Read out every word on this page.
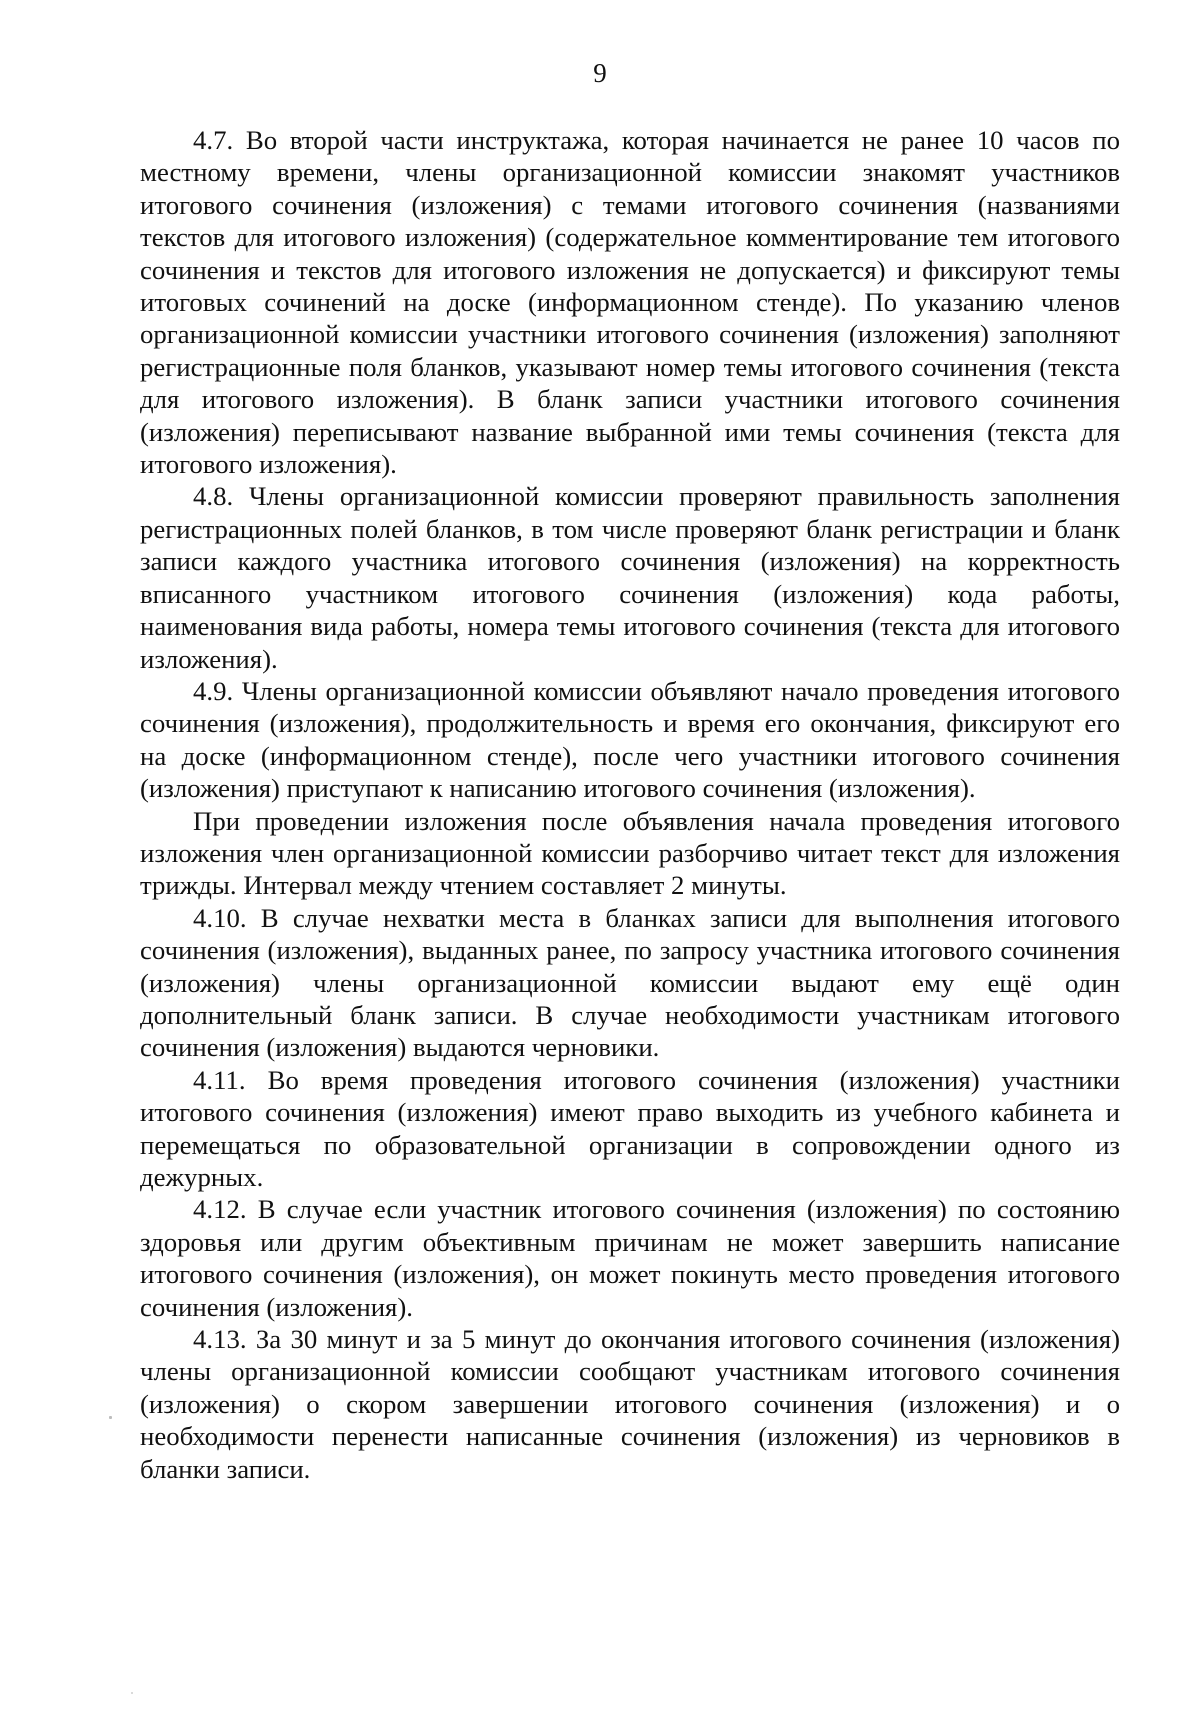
9

4.7. Во второй части инструктажа, которая начинается не ранее 10 часов по местному времени, члены организационной комиссии знакомят участников итогового сочинения (изложения) с темами итогового сочинения (названиями текстов для итогового изложения) (содержательное комментирование тем итогового сочинения и текстов для итогового изложения не допускается) и фиксируют темы итоговых сочинений на доске (информационном стенде). По указанию членов организационной комиссии участники итогового сочинения (изложения) заполняют регистрационные поля бланков, указывают номер темы итогового сочинения (текста для итогового изложения). В бланк записи участники итогового сочинения (изложения) переписывают название выбранной ими темы сочинения (текста для итогового изложения).

4.8. Члены организационной комиссии проверяют правильность заполнения регистрационных полей бланков, в том числе проверяют бланк регистрации и бланк записи каждого участника итогового сочинения (изложения) на корректность вписанного участником итогового сочинения (изложения) кода работы, наименования вида работы, номера темы итогового сочинения (текста для итогового изложения).

4.9. Члены организационной комиссии объявляют начало проведения итогового сочинения (изложения), продолжительность и время его окончания, фиксируют его на доске (информационном стенде), после чего участники итогового сочинения (изложения) приступают к написанию итогового сочинения (изложения).

При проведении изложения после объявления начала проведения итогового изложения член организационной комиссии разборчиво читает текст для изложения трижды. Интервал между чтением составляет 2 минуты.

4.10. В случае нехватки места в бланках записи для выполнения итогового сочинения (изложения), выданных ранее, по запросу участника итогового сочинения (изложения) члены организационной комиссии выдают ему ещё один дополнительный бланк записи. В случае необходимости участникам итогового сочинения (изложения) выдаются черновики.

4.11. Во время проведения итогового сочинения (изложения) участники итогового сочинения (изложения) имеют право выходить из учебного кабинета и перемещаться по образовательной организации в сопровождении одного из дежурных.

4.12. В случае если участник итогового сочинения (изложения) по состоянию здоровья или другим объективным причинам не может завершить написание итогового сочинения (изложения), он может покинуть место проведения итогового сочинения (изложения).

4.13. За 30 минут и за 5 минут до окончания итогового сочинения (изложения) члены организационной комиссии сообщают участникам итогового сочинения (изложения) о скором завершении итогового сочинения (изложения) и о необходимости перенести написанные сочинения (изложения) из черновиков в бланки записи.
